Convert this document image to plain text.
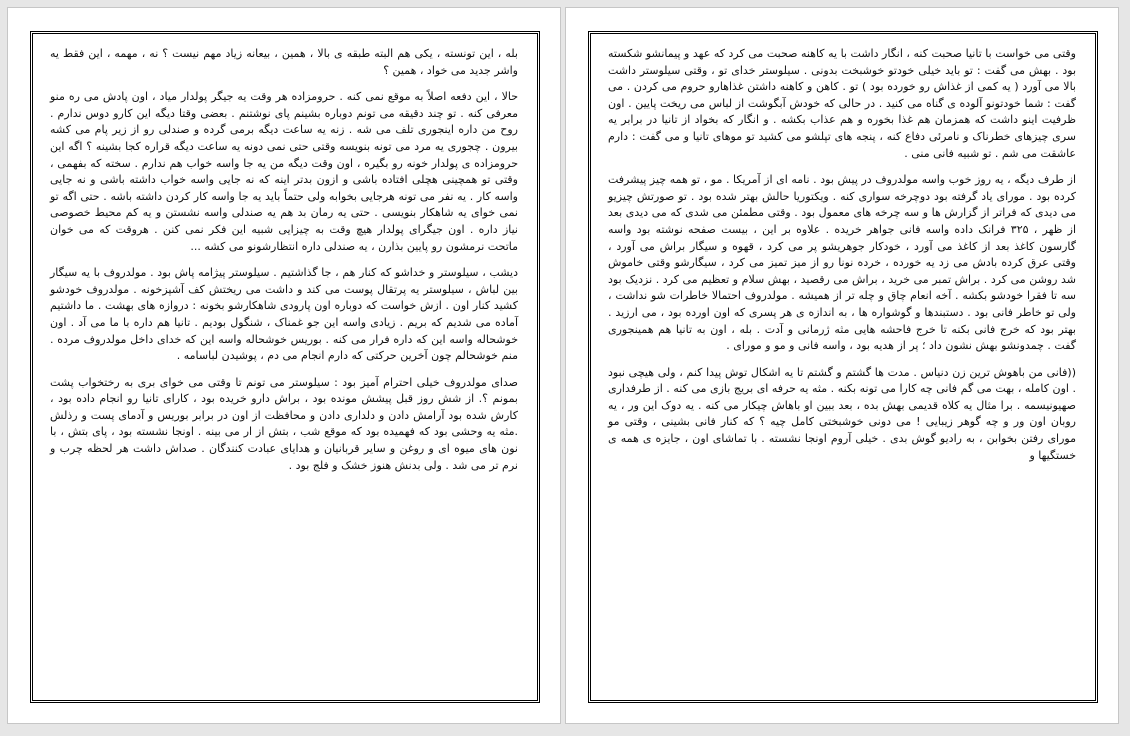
بله ، این تونسته ، یکی هم البته طبقه ی بالا ، همین ، بیعانه زیاد مهم نیست ؟ نه ، مهمه ، این فقط یه واشر جدید می خواد ، همین ؟

حالا ، این دفعه اصلاً به موقع نمی کنه . حرومزاده هر وقت یه جیگر پولدار میاد ، اون پادش می ره منو معرفی کنه . تو چند دقیقه می تونم دوباره بشینم پای نوشتنم . بعضی وقتا دیگه این کارو دوس ندارم . روح من داره اینجوری تلف می شه . زنه یه ساعت دیگه برمی گرده و صندلی رو از زیر پام می کشه بیرون . چجوری یه مرد می تونه بنویسه وقتی حتی نمی دونه یه ساعت دیگه قراره کجا بشینه ؟ اگه این حرومزاده ی پولدار خونه رو بگیره ، اون وقت دیگه من یه جا واسه خواب هم ندارم . سخته که بفهمی ، وقتی تو همچینی هچلی افتاده باشی و ازون بدتر اینه که نه جایی واسه خواب داشته باشی و نه جایی واسه کار . یه نفر می تونه هرجایی بخوابه ولی حتماً باید یه جا واسه کار کردن داشته باشه . حتی اگه تو نمی خوای یه شاهکار بنویسی . حتی یه رمان بد هم یه صندلی واسه نشستن و یه کم محیط خصوصی نیاز داره . اون جیگرای پولدار هیچ وقت به چیزایی شبیه این فکر نمی کنن . هروقت که می خوان ماتحت نرمشون رو پایین بذارن ، یه صندلی داره انتظارشونو می کشه ...

دیشب ، سیلوستر و خداشو که کنار هم ، جا گذاشتیم . سیلوستر پیژامه پاش بود . مولدروف با یه سیگار بین لباش ، سیلوستر یه پرتقال پوست می کند و داشت می ریختش کف آشپزخونه . مولدروف خودشو کشید کنار اون . ازش خواست که دوباره اون پارودی شاهکارشو بخونه : دروازه های بهشت . ما داشتیم آماده می شدیم که بریم . زیادی واسه این جو غمناک ، شنگول بودیم . تانیا هم داره با ما می آد . اون خوشحاله واسه این که داره فرار می کنه . بوریس خوشحاله واسه این که خدای داخل مولدروف مرده . منم خوشحالم چون آخرین حرکتی که دارم انجام می دم ، پوشیدن لباسامه .

صدای مولدروف خیلی احترام آمیز بود : سیلوستر می تونم تا وقتی می خوای بری به رختخواب پشت بمونم ؟. از شش روز قبل پیشش مونده بود ، براش دارو خریده بود ، کارای تانیا رو انجام داده بود ، کارش شده بود آرامش دادن و دلداری دادن و محافظت از اون در برابر بوریس و آدمای پست و رذلش .مثه یه وحشی بود که فهمیده بود که موقع شب ، بتش از ار می بینه . اونجا نشسته بود ، پای بتش ، با نون های میوه ای و روغن و سایر قربانیان و هدایای عبادت کنندگان . صداش داشت هر لحظه چرب و نرم تر می شد . ولی بدنش هنوز خشک و فلج بود .

وقتی می خواست با تانیا صحبت کنه ، انگار داشت با یه کاهنه صحبت می کرد که عهد و پیمانشو شکسته بود . بهش می گفت : تو باید خیلی خودتو خوشبخت بدونی . سیلوستر خدای تو ، وقتی سیلوستر داشت بالا می آورد ( یه کمی از غذاش رو خورده بود ) تو . کاهن و کاهنه داشتن غذاهارو حروم می کردن . می گفت : شما خودتونو آلوده ی گناه می کنید . در حالی که خودش آبگوشت از لباس می ریخت پایین . اون ظرفیت اینو داشت که همزمان هم غذا بخوره و هم عذاب بکشه . و انگار که بخواد از تانیا در برابر یه سری چیزهای خطرناک و نامرئی دفاع کنه ، پنجه های تپلشو می کشید تو موهای تانیا و می گفت : دارم عاشقت می شم . تو شبیه فانی منی .

از طرف دیگه ، یه روز خوب واسه مولدروف در پیش بود . نامه ای از آمریکا . مو ، تو همه چیز پیشرفت کرده بود . مورای یاد گرفته بود دوچرخه سواری کنه . ویکتوریا حالش بهتر شده بود . تو صورتش چیزیو می دیدی که فراتر از گزارش ها و سه چرخه های معمول بود . وقتی مطمئن می شدی که می دیدی بعد از ظهر ، ۳۲۵ فرانک داده واسه فانی جواهر خریده . علاوه بر این ، بیست صفحه نوشته بود واسه گارسون کاغذ بعد از کاغذ می آورد ، خودکار جوهریشو پر می کرد ، قهوه و سیگار براش می آورد ، وقتی عرق کرده بادش می زد یه خورده ، خرده نونا رو از میز تمیز می کرد ، سیگارشو وقتی خاموش شد روشن می کرد . براش تمبر می خرید ، براش می رقصید ، بهش سلام و تعظیم می کرد . نزدیک بود سه تا فقرا خودشو بکشه . آخه انعام چاق و چله تر از همیشه . مولدروف احتمالا خاطرات شو نداشت ، ولی تو خاطر فانی بود . دستبندها و گوشواره ها ، به اندازه ی هر پسری که اون اورده بود ، می ارزید . بهتر بود که خرج فانی بکنه تا خرج فاحشه هایی مثه ژرمانی و آدت . بله ، اون به تانیا هم همینجوری گفت . چمدونشو بهش نشون داد ؛ پر از هدیه بود ، واسه فانی و مو و مورای .

((فانی من باهوش ترین زن دنیاس . مدت ها گشتم و گشتم تا یه اشکال توش پیدا کنم ، ولی هیچی نبود . اون کامله ، بهت می گم فانی چه کارا می تونه بکنه . مثه یه حرفه ای بریج بازی می کنه . از طرفداری صهیونیسمه . برا مثال یه کلاه قدیمی بهش بده ، بعد ببین او باهاش چیکار می کنه . یه دوک این ور ، یه روبان اون ور و چه گوهر زیبایی ! می دونی خوشبختی کامل چیه ؟ که کنار فانی بشینی ، وقتی مو مورای رفتن بخوابن ، به رادیو گوش بدی . خیلی آروم اونجا نشسته . با تماشای اون ، جایزه ی همه ی خستگیها و
